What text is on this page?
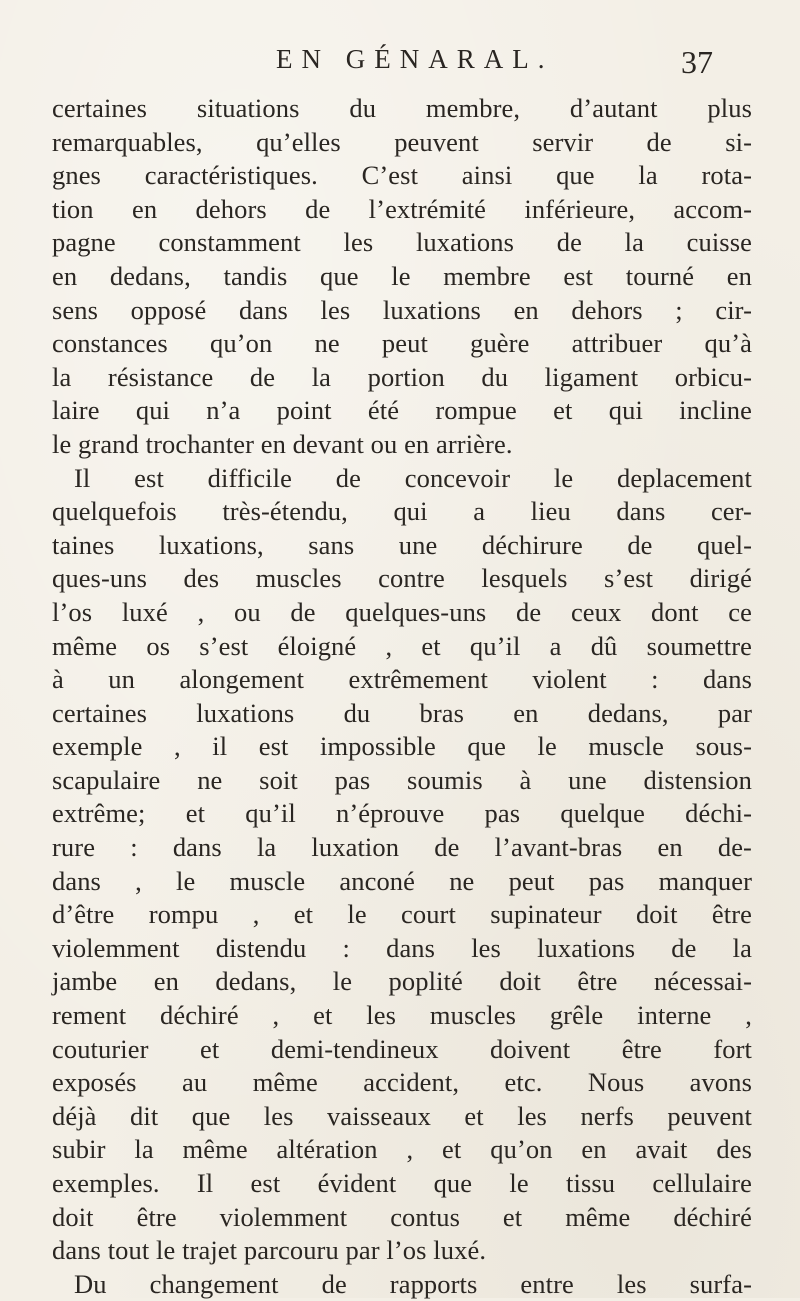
EN GÉNARAL.	37
certaines situations du membre, d’autant plus
remarquables, qu’elles peuvent servir de si-
gnes caractéristiques. C’est ainsi que la rota-
tion en dehors de l’extrémité inférieure, accom-
pagne constamment les luxations de la cuisse
en dedans, tandis que le membre est tourné en
sens opposé dans les luxations en dehors ; cir-
constances qu’on ne peut guère attribuer qu’à
la résistance de la portion du ligament orbicu-
laire qui n’a point été rompue et qui incline
le grand trochanter en devant ou en arrière.
Il est difficile de concevoir le deplacement
quelquefois très-étendu, qui a lieu dans cer-
taines luxations, sans une déchirure de quel-
ques-uns des muscles contre lesquels s’est dirigé
l’os luxé , ou de quelques-uns de ceux dont ce
même os s’est éloigné , et qu’il a dû soumettre
à un alongement extrêmement violent : dans
certaines luxations du bras en dedans, par
exemple , il est impossible que le muscle sous-
scapulaire ne soit pas soumis à une distension
extrême; et qu’il n’éprouve pas quelque déchi-
rure : dans la luxation de l’avant-bras en de-
dans , le muscle anconé ne peut pas manquer
d’être rompu , et le court supinateur doit être
violemment distendu : dans les luxations de la
jambe en dedans, le poplité doit être nécessai-
rement déchiré , et les muscles grêle interne ,
couturier et demi-tendineux doivent être fort
exposés au même accident, etc. Nous avons
déjà dit que les vaisseaux et les nerfs peuvent
subir la même altération , et qu’on en avait des
exemples. Il est évident que le tissu cellulaire
doit être violemment contus et même déchiré
dans tout le trajet parcouru par l’os luxé.
Du changement de rapports entre les surfa-
